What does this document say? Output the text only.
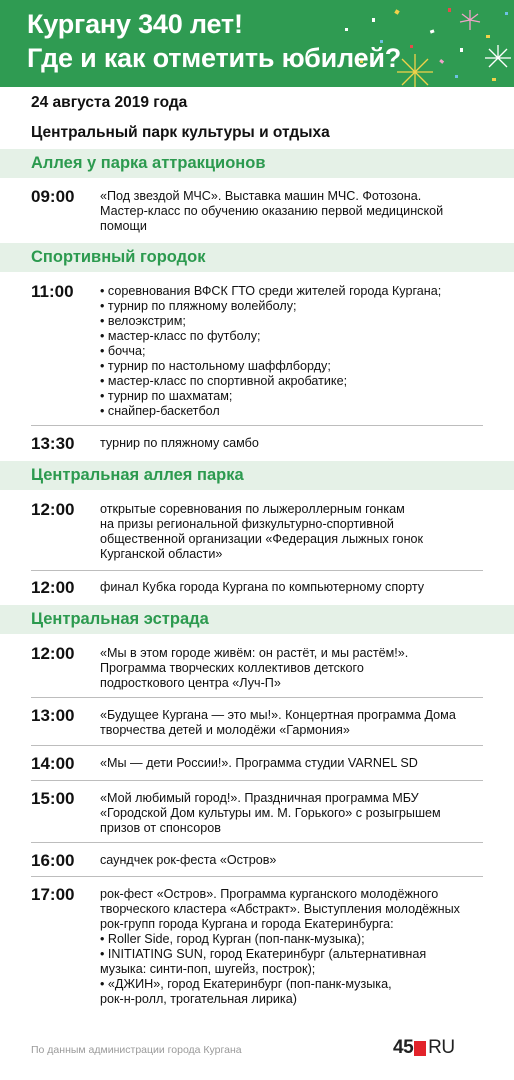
Кургану 340 лет!
Где и как отметить юбилей?
24 августа 2019 года
Центральный парк культуры и отдыха
Аллея у парка аттракционов
09:00 «Под звездой МЧС». Выставка машин МЧС. Фотозона.
Мастер-класс по обучению оказанию первой медицинской
помощи
Спортивный городок
11:00 • соревнования ВФСК ГТО среди жителей города Кургана;
• турнир по пляжному волейболу;
• велоэкстрим;
• мастер-класс по футболу;
• бочча;
• турнир по настольному шаффлборду;
• мастер-класс по спортивной акробатике;
• турнир по шахматам;
• снайпер-баскетбол
13:30 турнир по пляжному самбо
Центральная аллея парка
12:00 открытые соревнования по лыжероллерным гонкам
на призы региональной физкультурно-спортивной
общественной организации «Федерация лыжных гонок
Курганской области»
12:00 финал Кубка города Кургана по компьютерному спорту
Центральная эстрада
12:00 «Мы в этом городе живём: он растёт, и мы растём!».
Программа творческих коллективов детского
подросткового центра «Луч-П»
13:00 «Будущее Кургана — это мы!». Концертная программа Дома
творчества детей и молодёжи «Гармония»
14:00 «Мы — дети России!». Программа студии VARNEL SD
15:00 «Мой любимый город!». Праздничная программа МБУ
«Городской Дом культуры им. М. Горького» с розыгрышем
призов от спонсоров
16:00 саундчек рок-феста «Остров»
17:00 рок-фест «Остров». Программа курганского молодёжного
творческого кластера «Абстракт». Выступления молодёжных
рок-групп города Кургана и города Екатеринбурга:
• Roller Side, город Курган (поп-панк-музыка);
• INITIATING SUN, город Екатеринбург (альтернативная
музыка: синти-поп, шугейз, построк);
• «ДЖИН», город Екатеринбург (поп-панк-музыка,
рок-н-ролл, трогательная лирика)
По данным администрации города Кургана	45 RU
